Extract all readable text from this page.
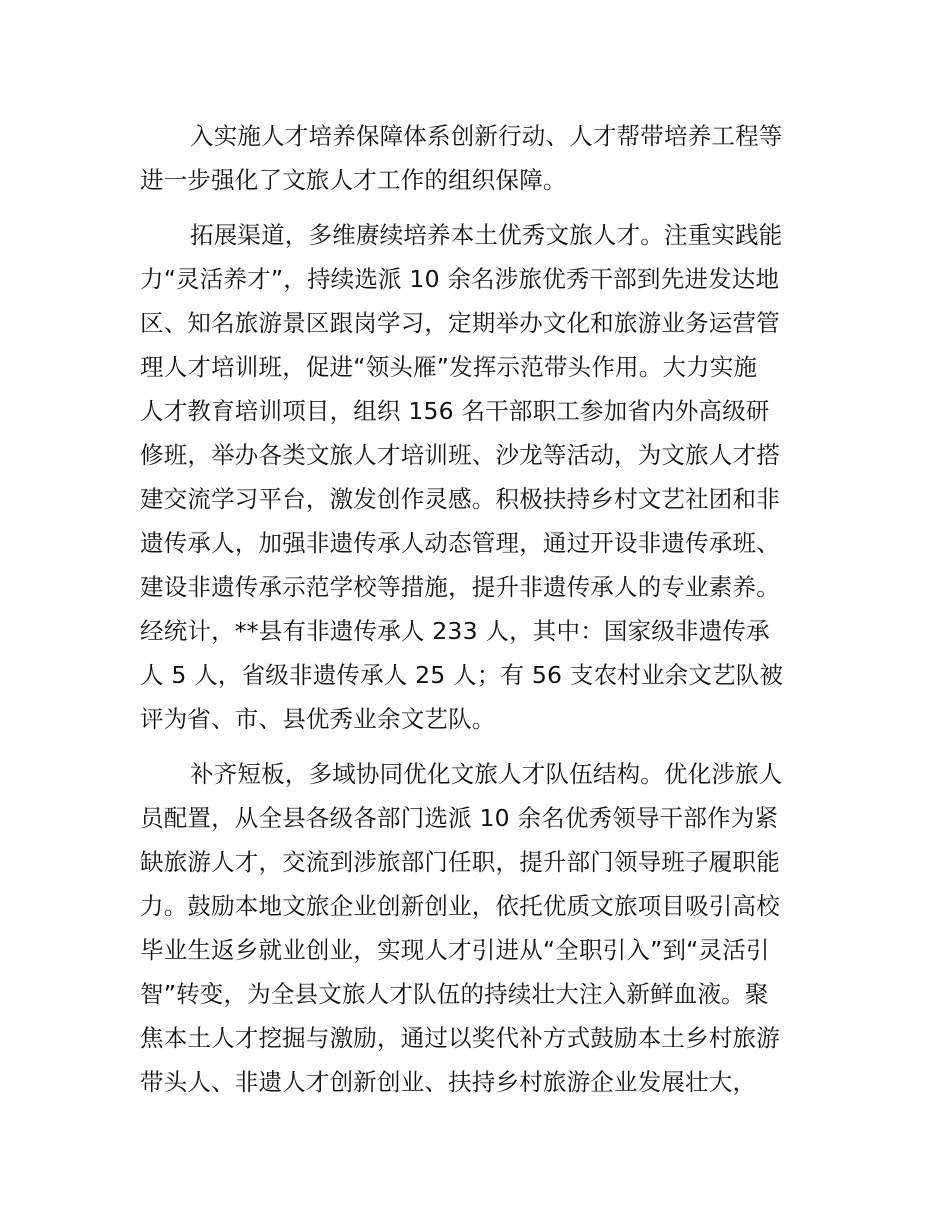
入实施人才培养保障体系创新行动、人才帮带培养工程等
进一步强化了文旅人才工作的组织保障。
拓展渠道，多维赓续培养本土优秀文旅人才。注重实践能
力“灵活养才”，持续选派 10 余名涉旅优秀干部到先进发达地
区、知名旅游景区跟岗学习，定期举办文化和旅游业务运营管
理人才培训班，促进“领头雁”发挥示范带头作用。大力实施
人才教育培训项目，组织 156 名干部职工参加省内外高级研
修班，举办各类文旅人才培训班、沙龙等活动，为文旅人才搭
建交流学习平台，激发创作灵感。积极扶持乡村文艺社团和非
遗传承人，加强非遗传承人动态管理，通过开设非遗传承班、
建设非遗传承示范学校等措施，提升非遗传承人的专业素养。
经统计，**县有非遗传承人 233 人，其中：国家级非遗传承
人 5 人，省级非遗传承人 25 人；有 56 支农村业余文艺队被
评为省、市、县优秀业余文艺队。
补齐短板，多域协同优化文旅人才队伍结构。优化涉旅人
员配置，从全县各级各部门选派 10 余名优秀领导干部作为紧
缺旅游人才，交流到涉旅部门任职，提升部门领导班子履职能
力。鼓励本地文旅企业创新创业，依托优质文旅项目吸引高校
毕业生返乡就业创业，实现人才引进从“全职引入”到“灵活引
智”转变，为全县文旅人才队伍的持续壮大注入新鲜血液。聚
焦本土人才挖掘与激励，通过以奖代补方式鼓励本土乡村旅游
带头人、非遗人才创新创业、扶持乡村旅游企业发展壮大，
